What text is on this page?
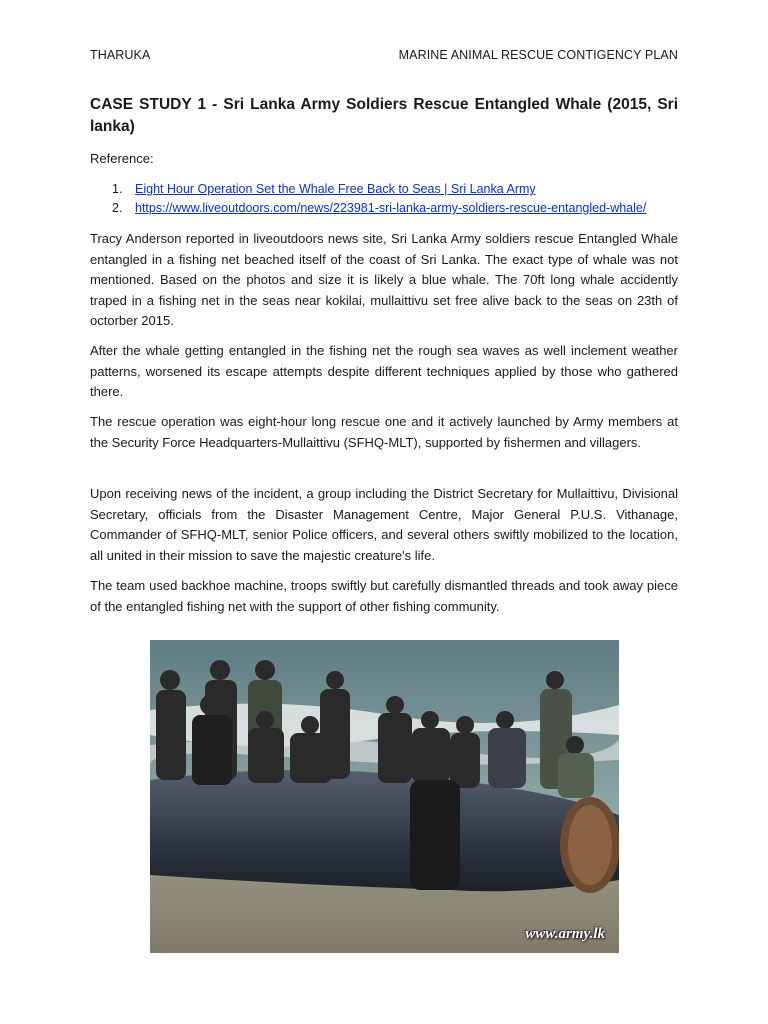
THARUKA	MARINE ANIMAL RESCUE CONTIGENCY PLAN
CASE STUDY 1 - Sri Lanka Army Soldiers Rescue Entangled Whale (2015, Sri lanka)
Reference:
1.	Eight Hour Operation Set the Whale Free Back to Seas | Sri Lanka Army
2.	https://www.liveoutdoors.com/news/223981-sri-lanka-army-soldiers-rescue-entangled-whale/

Tracy Anderson reported in liveoutdoors news site, Sri Lanka Army soldiers rescue Entangled Whale entangled in a fishing net beached itself of the coast of Sri Lanka. The exact type of whale was not mentioned. Based on the photos and size it is likely a blue whale. The 70ft long whale accidently traped in a fishing net in the seas near kokilai, mullaittivu set free alive back to the seas on 23th of octorber 2015.

After the whale getting entangled in the fishing net the rough sea waves as well inclement weather patterns, worsened its escape attempts despite different techniques applied by those who gathered there.

The rescue operation was eight-hour long rescue one and it actively launched by Army members at the Security Force Headquarters-Mullaittivu (SFHQ-MLT), supported by fishermen and villagers.

Upon receiving news of the incident, a group including the District Secretary for Mullaittivu, Divisional Secretary, officials from the Disaster Management Centre, Major General P.U.S. Vithanage, Commander of SFHQ-MLT, senior Police officers, and several others swiftly mobilized to the location, all united in their mission to save the majestic creature's life.

The team used backhoe machine, troops swiftly but carefully dismantled threads and took away piece of the entangled fishing net with the support of other fishing community.

www.army.lk
